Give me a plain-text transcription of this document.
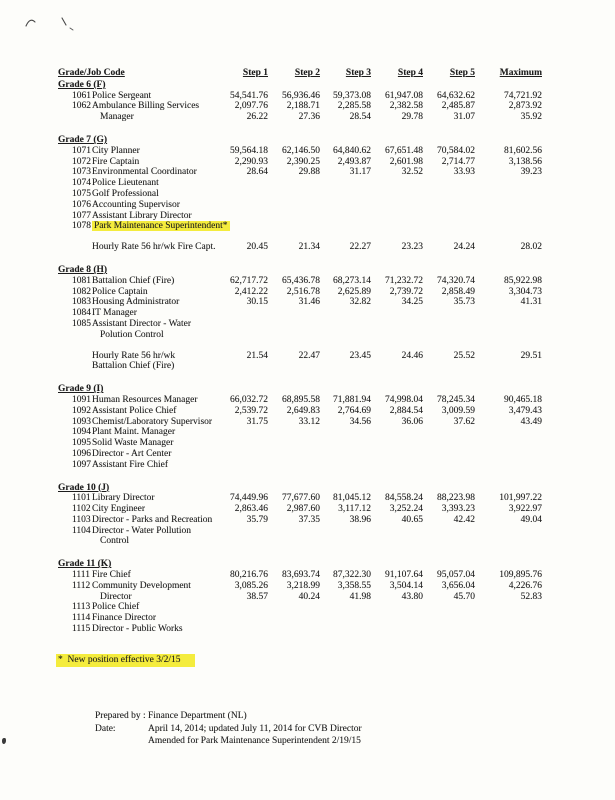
Grade/Job Code	Step 1	Step 2	Step 3	Step 4	Step 5	Maximum
Grade 6 (F)
1061 Police Sergeant	54,541.76	56,936.46	59,373.08	61,947.08	64,632.62	74,721.92
1062 Ambulance Billing Services	2,097.76	2,188.71	2,285.58	2,382.58	2,485.87	2,873.92
Manager	26.22	27.36	28.54	29.78	31.07	35.92
Grade 7 (G)
1071 City Planner	59,564.18	62,146.50	64,840.62	67,651.48	70,584.02	81,602.56
1072 Fire Captain	2,290.93	2,390.25	2,493.87	2,601.98	2,714.77	3,138.56
1073 Environmental Coordinator	28.64	29.88	31.17	32.52	33.93	39.23
1074 Police Lieutenant
1075 Golf Professional
1076 Accounting Supervisor
1077 Assistant Library Director
1078 Park Maintenance Superintendent*
Hourly Rate 56 hr/wk Fire Capt.	20.45	21.34	22.27	23.23	24.24	28.02
Grade 8 (H)
1081 Battalion Chief (Fire)	62,717.72	65,436.78	68,273.14	71,232.72	74,320.74	85,922.98
1082 Police Captain	2,412.22	2,516.78	2,625.89	2,739.72	2,858.49	3,304.73
1083 Housing Administrator	30.15	31.46	32.82	34.25	35.73	41.31
1084 IT Manager
1085 Assistant Director - Water
Polution Control
Hourly Rate 56 hr/wk	21.54	22.47	23.45	24.46	25.52	29.51
Battalion Chief (Fire)
Grade 9 (I)
1091 Human Resources Manager	66,032.72	68,895.58	71,881.94	74,998.04	78,245.34	90,465.18
1092 Assistant Police Chief	2,539.72	2,649.83	2,764.69	2,884.54	3,009.59	3,479.43
1093 Chemist/Laboratory Supervisor	31.75	33.12	34.56	36.06	37.62	43.49
1094 Plant Maint. Manager
1095 Solid Waste Manager
1096 Director - Art Center
1097 Assistant Fire Chief
Grade 10 (J)
1101 Library Director	74,449.96	77,677.60	81,045.12	84,558.24	88,223.98	101,997.22
1102 City Engineer	2,863.46	2,987.60	3,117.12	3,252.24	3,393.23	3,922.97
1103 Director - Parks and Recreation	35.79	37.35	38.96	40.65	42.42	49.04
1104 Director - Water Pollution
Control
Grade 11 (K)
1111 Fire Chief	80,216.76	83,693.74	87,322.30	91,107.64	95,057.04	109,895.76
1112 Community Development	3,085.26	3,218.99	3,358.55	3,504.14	3,656.04	4,226.76
Director	38.57	40.24	41.98	43.80	45.70	52.83
1113 Police Chief
1114 Finance Director
1115 Director - Public Works
*  New position effective 3/2/15
Prepared by : Finance Department (NL)
Date:	April 14, 2014; updated July 11, 2014 for CVB Director
Amended for Park Maintenance Superintendent 2/19/15
